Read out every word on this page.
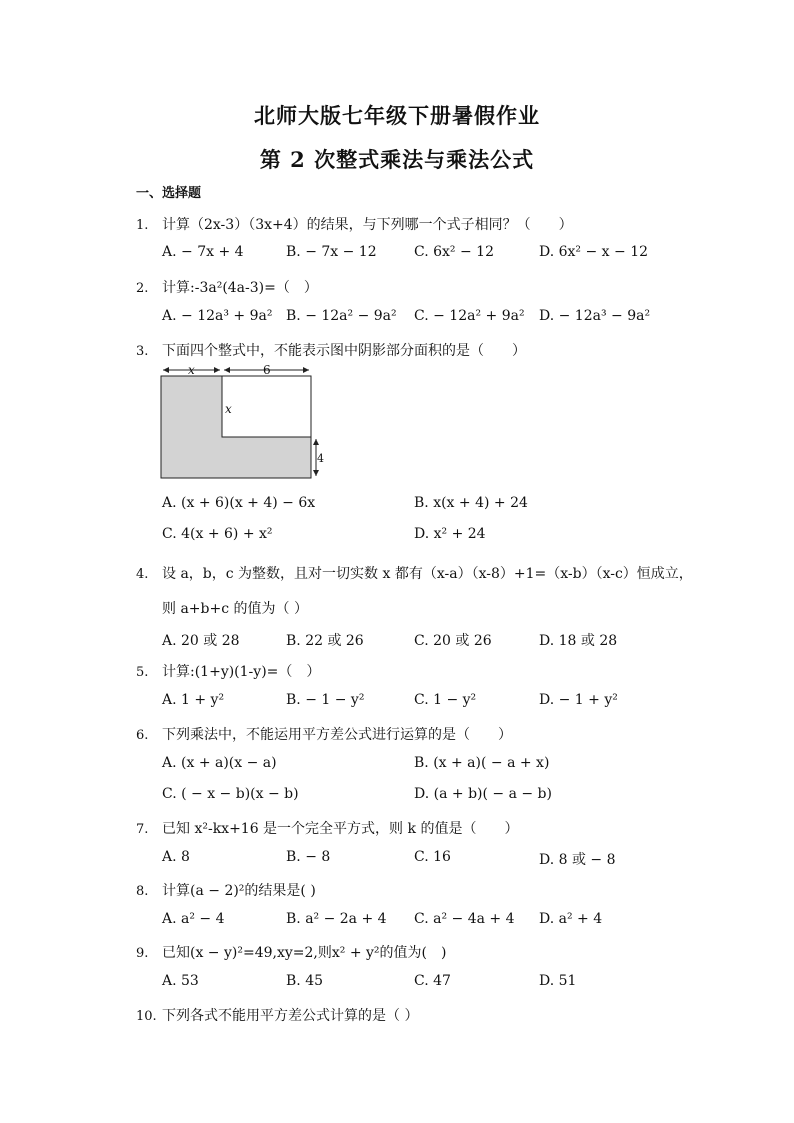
北师大版七年级下册暑假作业
第 2 次整式乘法与乘法公式
一、选择题
1. 计算（2x-3）（3x+4）的结果，与下列哪一个式子相同？（　　）
A. − 7x + 4	B. − 7x − 12	C. 6x² − 12	D. 6x² − x − 12
2. 计算:-3a²(4a-3)=（　）
A. − 12a³ + 9a² B. − 12a² − 9a² C. − 12a² + 9a² D. − 12a³ − 9a²
3. 下面四个整式中，不能表示图中阴影部分面积的是（　　）
x	6
x
4
A. (x + 6)(x + 4) − 6x	B. x(x + 4) + 24
C. 4(x + 6) + x²	D. x² + 24
4. 设 a，b，c 为整数，且对一切实数 x 都有（x-a）（x-8）+1=（x-b）（x-c）恒成立，
则 a+b+c 的值为（ ）
A. 20 或 28	B. 22 或 26	C. 20 或 26	D. 18 或 28
5. 计算:(1+y)(1-y)=（　）
A. 1 + y²	B. − 1 − y²	C. 1 − y²	D. − 1 + y²
6. 下列乘法中，不能运用平方差公式进行运算的是（　　）
A. (x + a)(x − a)	B. (x + a)( − a + x)
C. ( − x − b)(x − b)	D. (a + b)( − a − b)
7. 已知 x²-kx+16 是一个完全平方式，则 k 的值是（　　）
A. 8	B. − 8	C. 16	D. 8 或 − 8
8. 计算(a − 2)²的结果是( )
A. a² − 4	B. a² − 2a + 4 C. a² − 4a + 4 D. a² + 4
9. 已知(x − y)²=49,xy=2,则x² + y²的值为(　)
A. 53	B. 45	C. 47	D. 51
10. 下列各式不能用平方差公式计算的是（ ）
